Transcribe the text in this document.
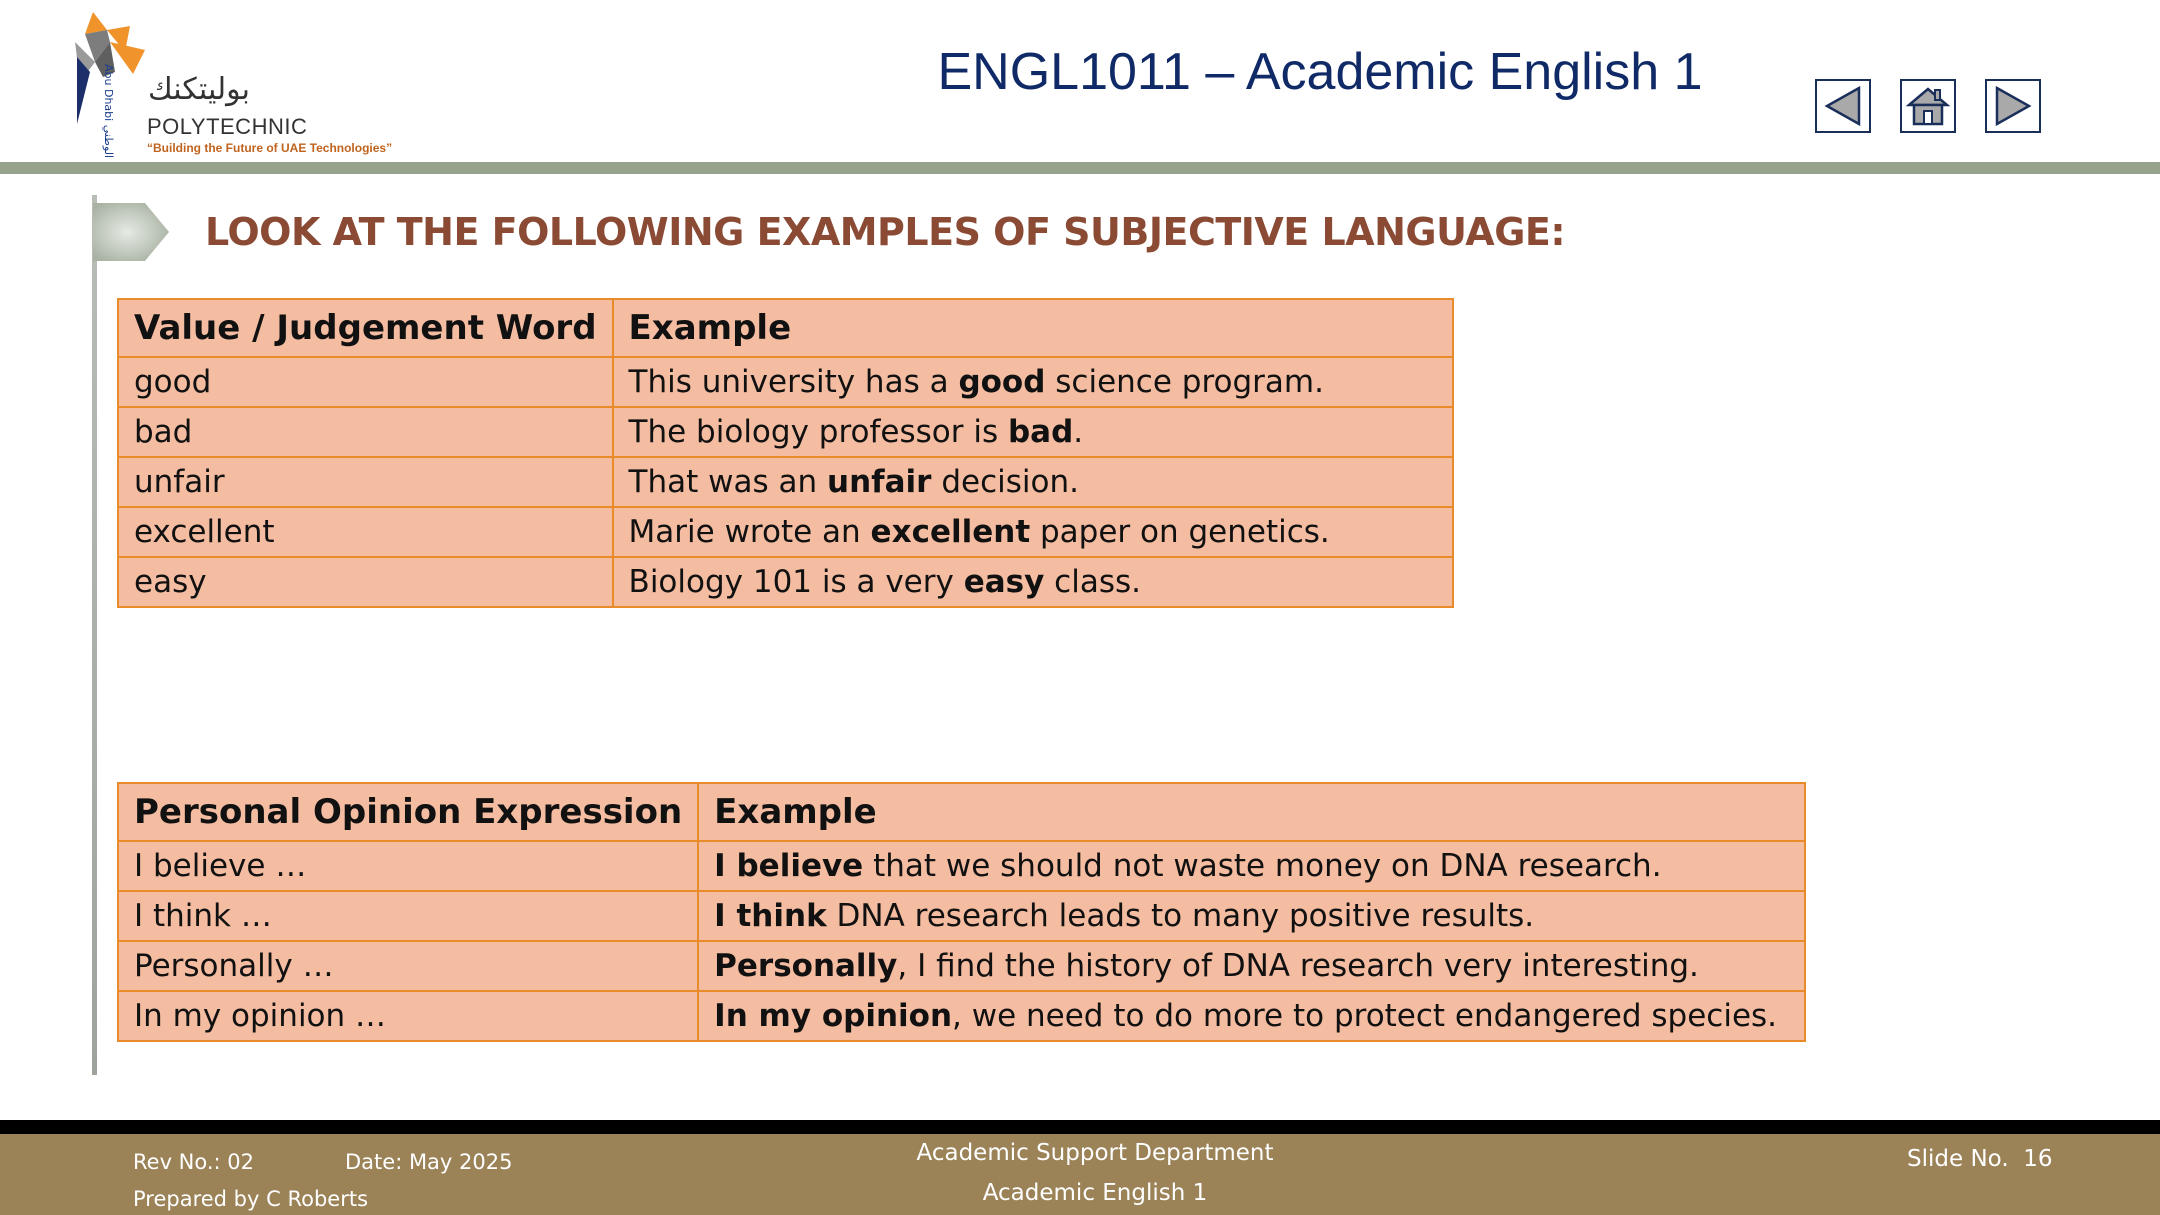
Abu Dhabi الوطني
بوليتكنك
POLYTECHNIC
“Building the Future of UAE Technologies”
ENGL1011 – Academic English 1
LOOK AT THE FOLLOWING EXAMPLES OF SUBJECTIVE LANGUAGE:
Value / Judgement Word	Example
good	This university has a good science program.
bad	The biology professor is bad.
unfair	That was an unfair decision.
excellent	Marie wrote an excellent paper on genetics.
easy	Biology 101 is a very easy class.
Personal Opinion Expression	Example
I believe …	I believe that we should not waste money on DNA research.
I think …	I think DNA research leads to many positive results.
Personally …	Personally, I find the history of DNA research very interesting.
In my opinion …	In my opinion, we need to do more to protect endangered species.
Rev No.: 02	Date: May 2025
Prepared by C Roberts
Academic Support Department
Academic English 1
Slide No.  16
